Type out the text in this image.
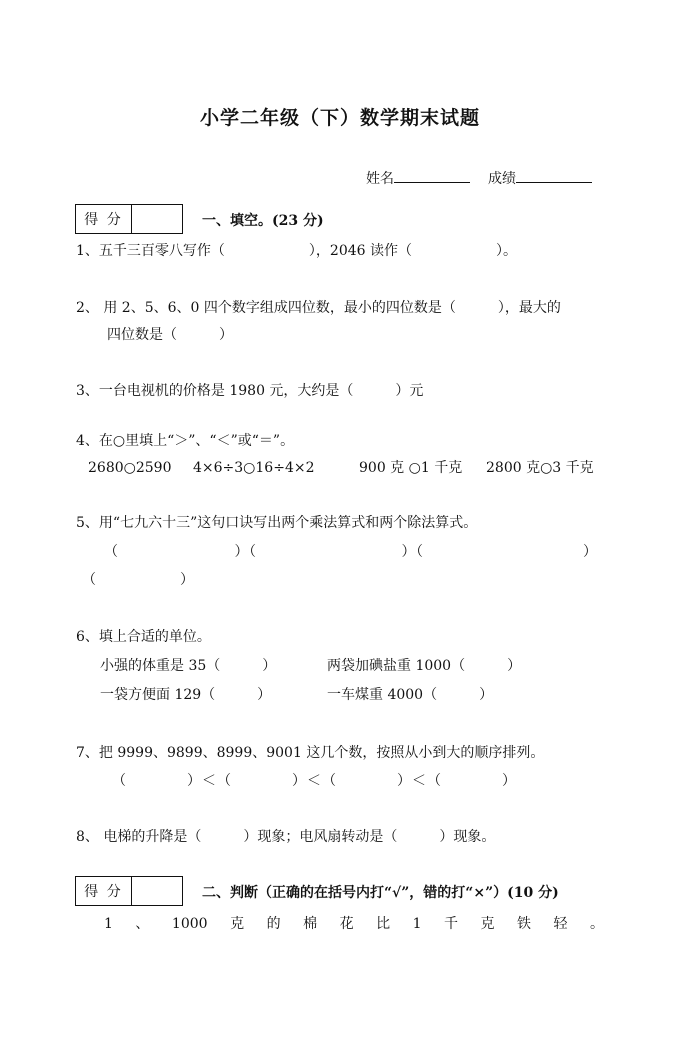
小学二年级（下）数学期末试题
姓名	成绩
得 分	一、填空。(23 分)
1、五千三百零八写作（　　　　　　），2046 读作（　　　　　　）。
2、 用 2、5、6、0 四个数字组成四位数，最小的四位数是（　　　），最大的
四位数是（　　　）
3、一台电视机的价格是 1980 元，大约是（　　　）元
4、在○里填上“＞”、“＜”或“＝”。
2680○2590 4×6÷3○16÷4×2	900 克 ○1 千克 2800 克○3 千克
5、用“七九六十三”这句口诀写出两个乘法算式和两个除法算式。
（　　　　　　　　）（　　　　　　　　　　）（　　　　　　　　　　　）
（　　　　　　）
6、填上合适的单位。
小强的体重是 35（　　　）	两袋加碘盐重 1000（　　　）
一袋方便面 129（　　　）	一车煤重 4000（　　　）
7、把 9999、9899、8999、9001 这几个数，按照从小到大的顺序排列。
（　　　　）＜（　　　　）＜（　　　　）＜（　　　　）
8、 电梯的升降是（　　　）现象；电风扇转动是（　　　）现象。
得 分	二、判断（正确的在括号内打“√”，错的打“×”）(10 分)
1 、 1000 克 的 棉 花 比 1 千 克 铁 轻 。
